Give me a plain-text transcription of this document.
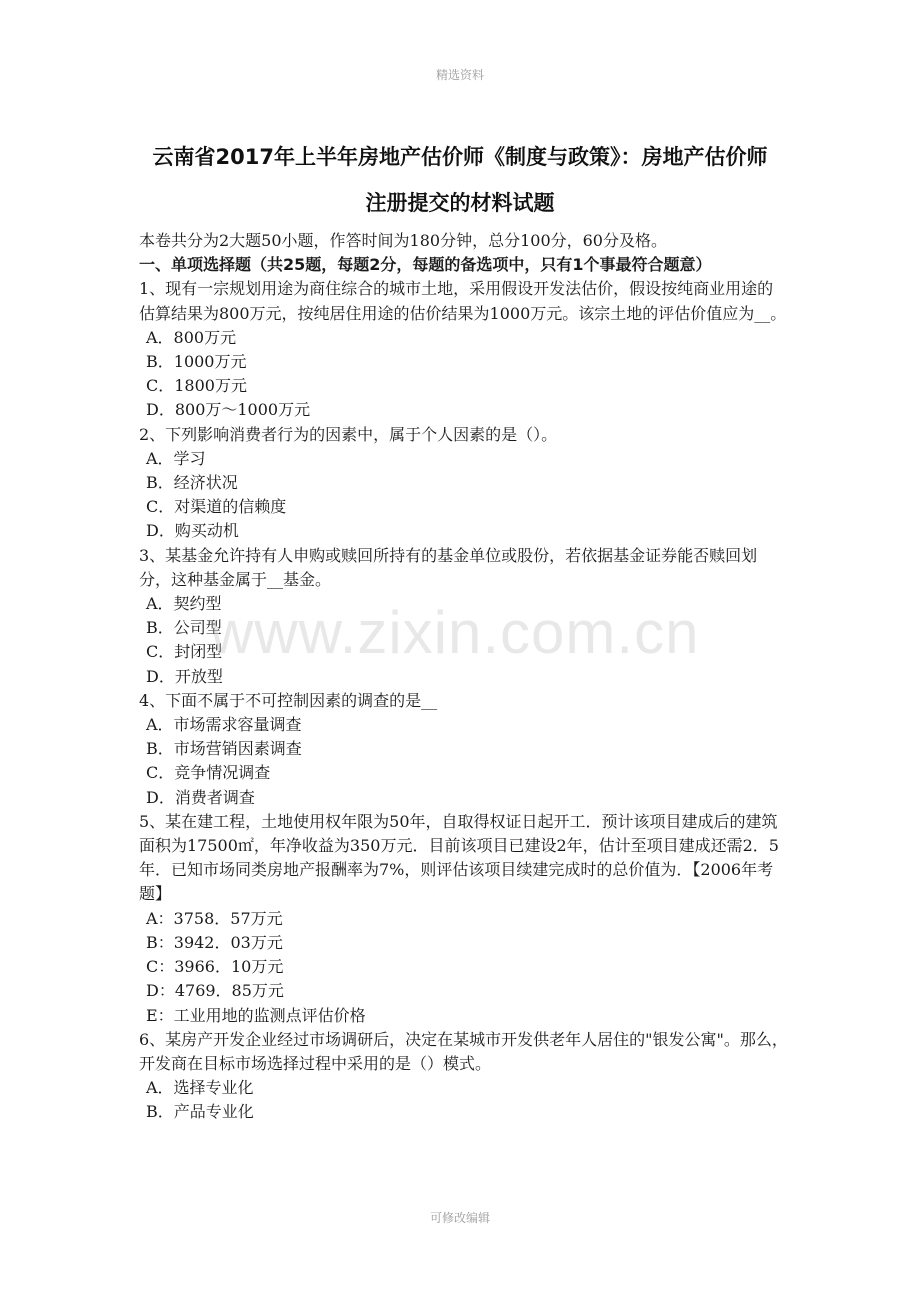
精选资料
云南省2017年上半年房地产估价师《制度与政策》：房地产估价师
注册提交的材料试题

本卷共分为2大题50小题，作答时间为180分钟，总分100分，60分及格。

一、单项选择题（共25题，每题2分，每题的备选项中，只有1个事最符合题意）

1、现有一宗规划用途为商住综合的城市土地，采用假设开发法估价，假设按纯商业用途的估算结果为800万元，按纯居住用途的估价结果为1000万元。该宗土地的评估价值应为__。

A．800万元

B．1000万元

C．1800万元

D．800万～1000万元

2、下列影响消费者行为的因素中，属于个人因素的是（）。

A．学习

B．经济状况

C．对渠道的信赖度

D．购买动机

3、某基金允许持有人申购或赎回所持有的基金单位或股份，若依据基金证券能否赎回划分，这种基金属于__基金。

A．契约型

B．公司型

C．封闭型

D．开放型

4、下面不属于不可控制因素的调查的是__

A．市场需求容量调查

B．市场营销因素调查

C．竞争情况调查

D．消费者调查

5、某在建工程，土地使用权年限为50年，自取得权证日起开工．预计该项目建成后的建筑面积为17500㎡，年净收益为350万元．目前该项目已建设2年，估计至项目建成还需2．5年．已知市场同类房地产报酬率为7%，则评估该项目续建完成时的总价值为．【2006年考题】

A：3758．57万元

B：3942．03万元

C：3966．10万元

D：4769．85万元

E：工业用地的监测点评估价格

6、某房产开发企业经过市场调研后，决定在某城市开发供老年人居住的"银发公寓"。那么，开发商在目标市场选择过程中采用的是（）模式。

A．选择专业化

B．产品专业化

www.zixin.com.cn
可修改编辑
